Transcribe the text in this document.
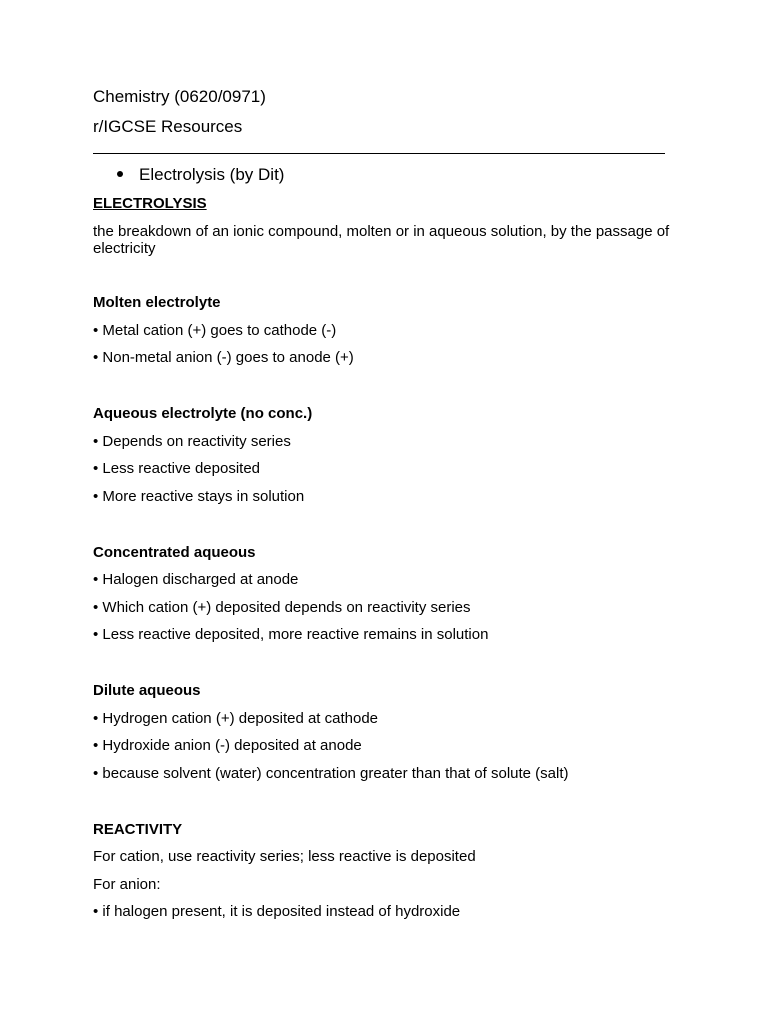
Chemistry (0620/0971)

r/IGCSE Resources

Electrolysis (by Dit)
ELECTROLYSIS
the breakdown of an ionic compound, molten or in aqueous solution, by the passage of electricity
Molten electrolyte
• Metal cation (+) goes to cathode (-)
• Non-metal anion (-) goes to anode (+)
Aqueous electrolyte (no conc.)
• Depends on reactivity series
• Less reactive deposited
• More reactive stays in solution
Concentrated aqueous
• Halogen discharged at anode
• Which cation (+) deposited depends on reactivity series
• Less reactive deposited, more reactive remains in solution
Dilute aqueous
• Hydrogen cation (+) deposited at cathode
• Hydroxide anion (-) deposited at anode
• because solvent (water) concentration greater than that of solute (salt)
REACTIVITY
For cation, use reactivity series; less reactive is deposited
For anion:
• if halogen present, it is deposited instead of hydroxide
